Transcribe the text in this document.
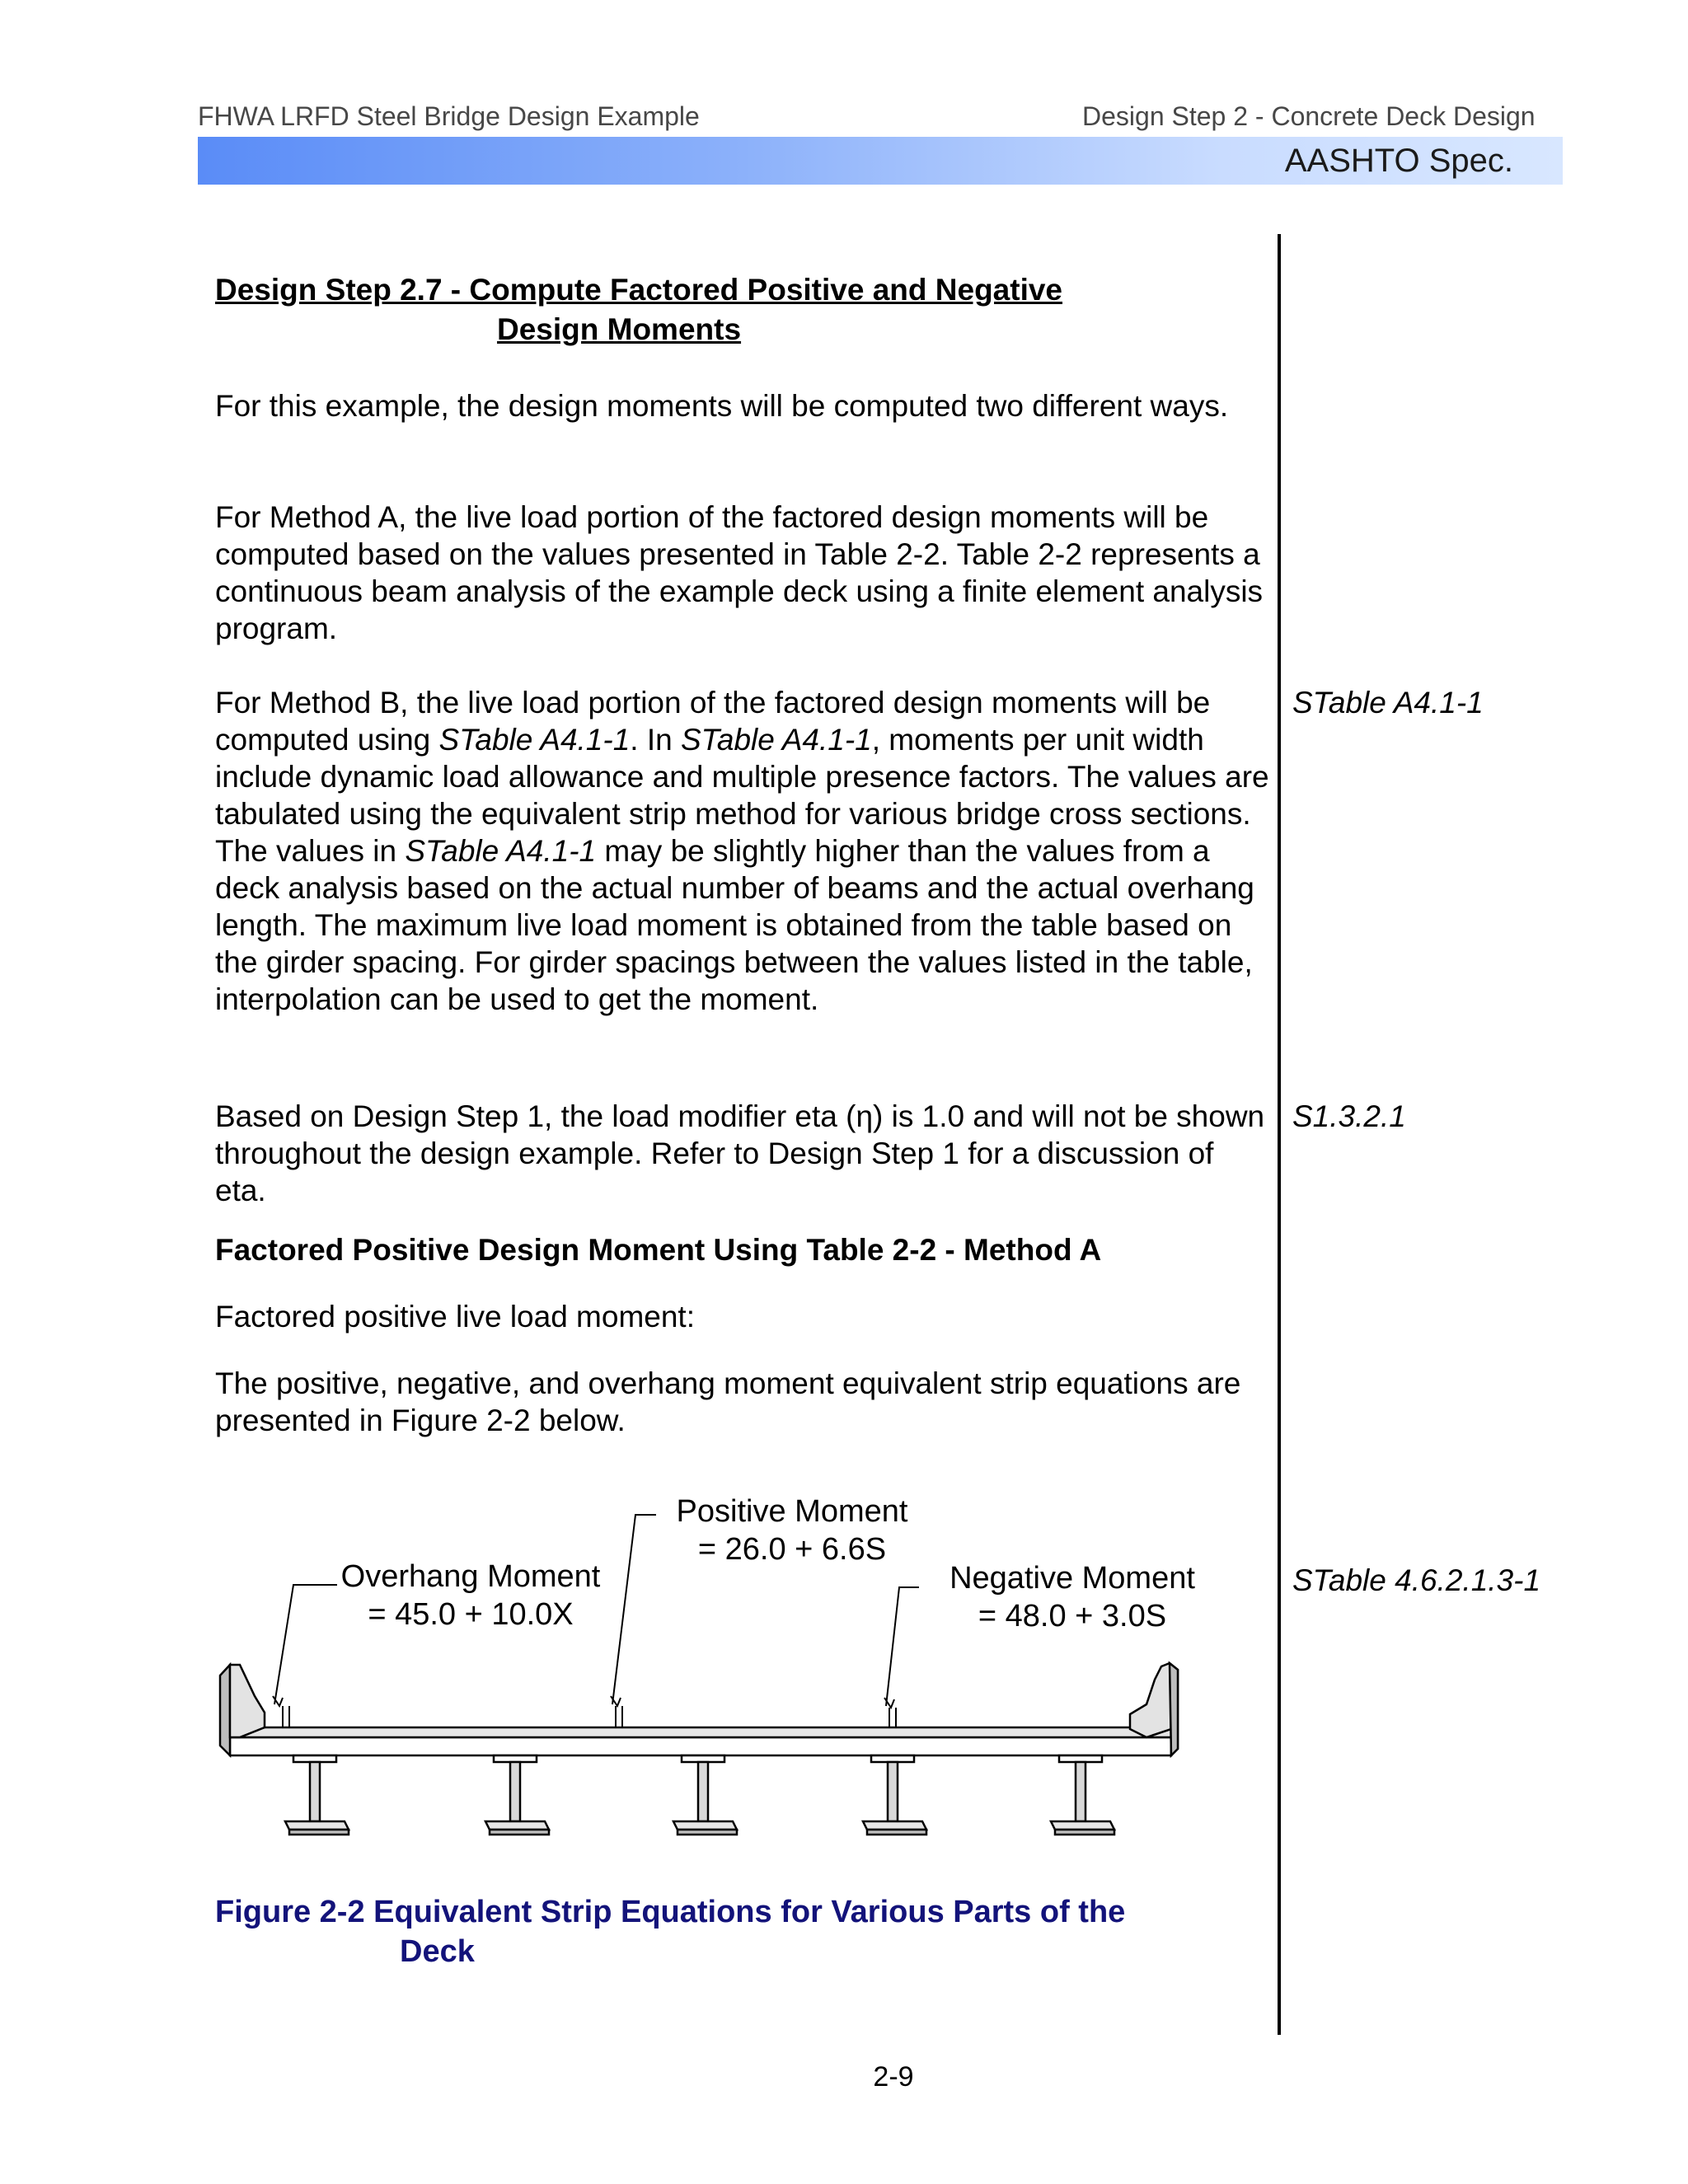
FHWA LRFD Steel Bridge Design Example	Design Step 2 - Concrete Deck Design
AASHTO Spec.
Design Step 2.7 - Compute Factored Positive and Negative
Design Moments
For this example, the design moments will be computed two different ways.
For Method A, the live load portion of the factored design moments will be computed based on the values presented in Table 2-2. Table 2-2 represents a continuous beam analysis of the example deck using a finite element analysis program.
For Method B, the live load portion of the factored design moments will be computed using STable A4.1-1. In STable A4.1-1, moments per unit width include dynamic load allowance and multiple presence factors. The values are tabulated using the equivalent strip method for various bridge cross sections. The values in STable A4.1-1 may be slightly higher than the values from a deck analysis based on the actual number of beams and the actual overhang length. The maximum live load moment is obtained from the table based on the girder spacing. For girder spacings between the values listed in the table, interpolation can be used to get the moment.
Based on Design Step 1, the load modifier eta (η) is 1.0 and will not be shown throughout the design example. Refer to Design Step 1 for a discussion of eta.
Factored Positive Design Moment Using Table 2-2 - Method A
Factored positive live load moment:
The positive, negative, and overhang moment equivalent strip equations are presented in Figure 2-2 below.
STable A4.1-1
S1.3.2.1
STable 4.6.2.1.3-1
Positive Moment
= 26.0 + 6.6S
Overhang Moment
= 45.0 + 10.0X
Negative Moment
= 48.0 + 3.0S
Figure 2-2 Equivalent Strip Equations for Various Parts of the
Deck
2-9
